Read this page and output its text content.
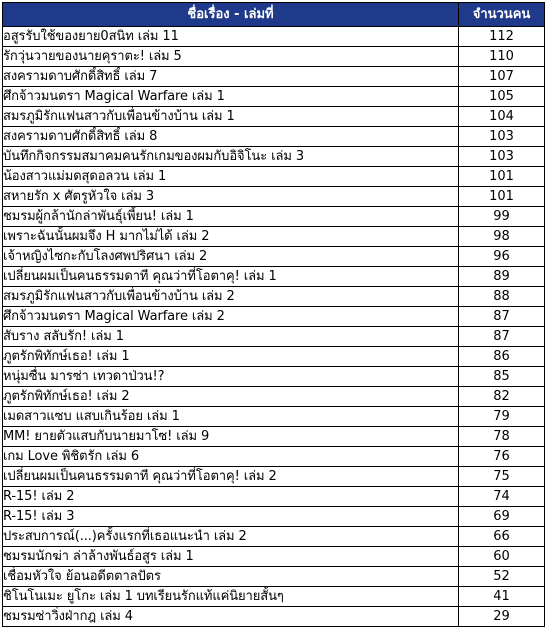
ชื่อเรื่อง - เล่มที่	จำนวนคน
อสูรรับใช้ของยาย0สนิท เล่ม 11	112
รักวุ่นวายของนายคุราตะ! เล่ม 5	110
สงครามดาบศักดิ์สิทธิ์ เล่ม 7	107
ศึกจ้าวมนตรา Magical Warfare เล่ม 1	105
สมรภูมิรักแฟนสาวกับเพื่อนข้างบ้าน เล่ม 1	104
สงครามดาบศักดิ์สิทธิ์ เล่ม 8	103
บันทึกกิจกรรมสมาคมคนรักเกมของผมกับอิจิโนะ เล่ม 3	103
น้องสาวแม่มดสุดอลวน เล่ม 1	101
สหายรัก x ศัตรูหัวใจ เล่ม 3	101
ชมรมผู้กล้านักล่าพันธุ์เพี้ยน! เล่ม 1	99
เพราะฉันนั้นผมจึง H มากไม่ได้ เล่ม 2	98
เจ้าหญิงไซกะกับโลงศพปริศนา เล่ม 2	96
เปลี่ยนผมเป็นคนธรรมดาที คุณว่าที่โอตาคุ! เล่ม 1	89
สมรภูมิรักแฟนสาวกับเพื่อนข้างบ้าน เล่ม 2	88
ศึกจ้าวมนตรา Magical Warfare เล่ม 2	87
สับราง สลับรัก! เล่ม 1	87
ภูตรักพิทักษ์เธอ! เล่ม 1	86
หนุ่มซื่น มารซ่า เทวดาป่วน!?	85
ภูตรักพิทักษ์เธอ! เล่ม 2	82
เมดสาวแซบ แสบเกินร้อย เล่ม 1	79
MM! ยายตัวแสบกับนายมาโซ! เล่ม 9	78
เกม Love พิชิตรัก เล่ม 6	76
เปลี่ยนผมเป็นคนธรรมดาที คุณว่าที่โอตาคุ! เล่ม 2	75
R-15! เล่ม 2	74
R-15! เล่ม 3	69
ประสบการณ์(...)ครั้งแรกที่เธอแนะนำ เล่ม 2	66
ชมรมนักฆ่า ล่าล้างพันธ์อสูร เล่ม 1	60
เชื่อมหัวใจ ย้อนอดีตตาลปัตร	52
ชิโนโนเมะ ยูโกะ เล่ม 1 บทเรียนรักแท้แค่นิยายสั้นๆ	41
ชมรมซ่าวิ่งฝ่ากฎ เล่ม 4	29
